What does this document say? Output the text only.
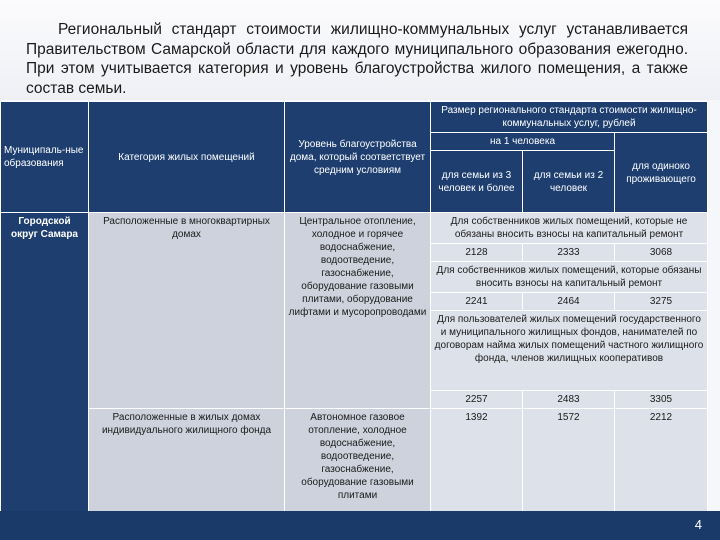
Региональный стандарт стоимости жилищно-коммунальных услуг устанавливается Правительством Самарской области для каждого муниципального образования ежегодно. При этом учитывается категория и уровень благоустройства жилого помещения, а также состав семьи.

Муниципаль-ные образования	Категория жилых помещений	Уровень благоустройства дома, который соответствует средним условиям	Размер регионального стандарта стоимости жилищно-коммунальных услуг, рублей		
			на 1 человека		для одиноко проживающего
			для семьи из 3 человек и более	для семьи из 2 человек	
Городской округ Самара	Расположенные в многоквартирных домах	Центральное отопление, холодное и горячее водоснабжение, водоотведение, газоснабжение, оборудование газовыми плитами, оборудование лифтами и мусоропроводами	Для собственников жилых помещений, которые не обязаны вносить взносы на капитальный ремонт		
			2128	2333	3068
			Для собственников жилых помещений, которые обязаны вносить взносы на капитальный ремонт		
			2241	2464	3275
			Для пользователей жилых помещений государственного и муниципального жилищных фондов, нанимателей по договорам найма жилых помещений частного жилищного фонда, членов жилищных кооперативов		
			2257	2483	3305
	Расположенные в жилых домах индивидуального жилищного фонда	Автономное газовое отопление, холодное водоснабжение, водоотведение, газоснабжение, оборудование газовыми плитами	1392	1572	2212
4
